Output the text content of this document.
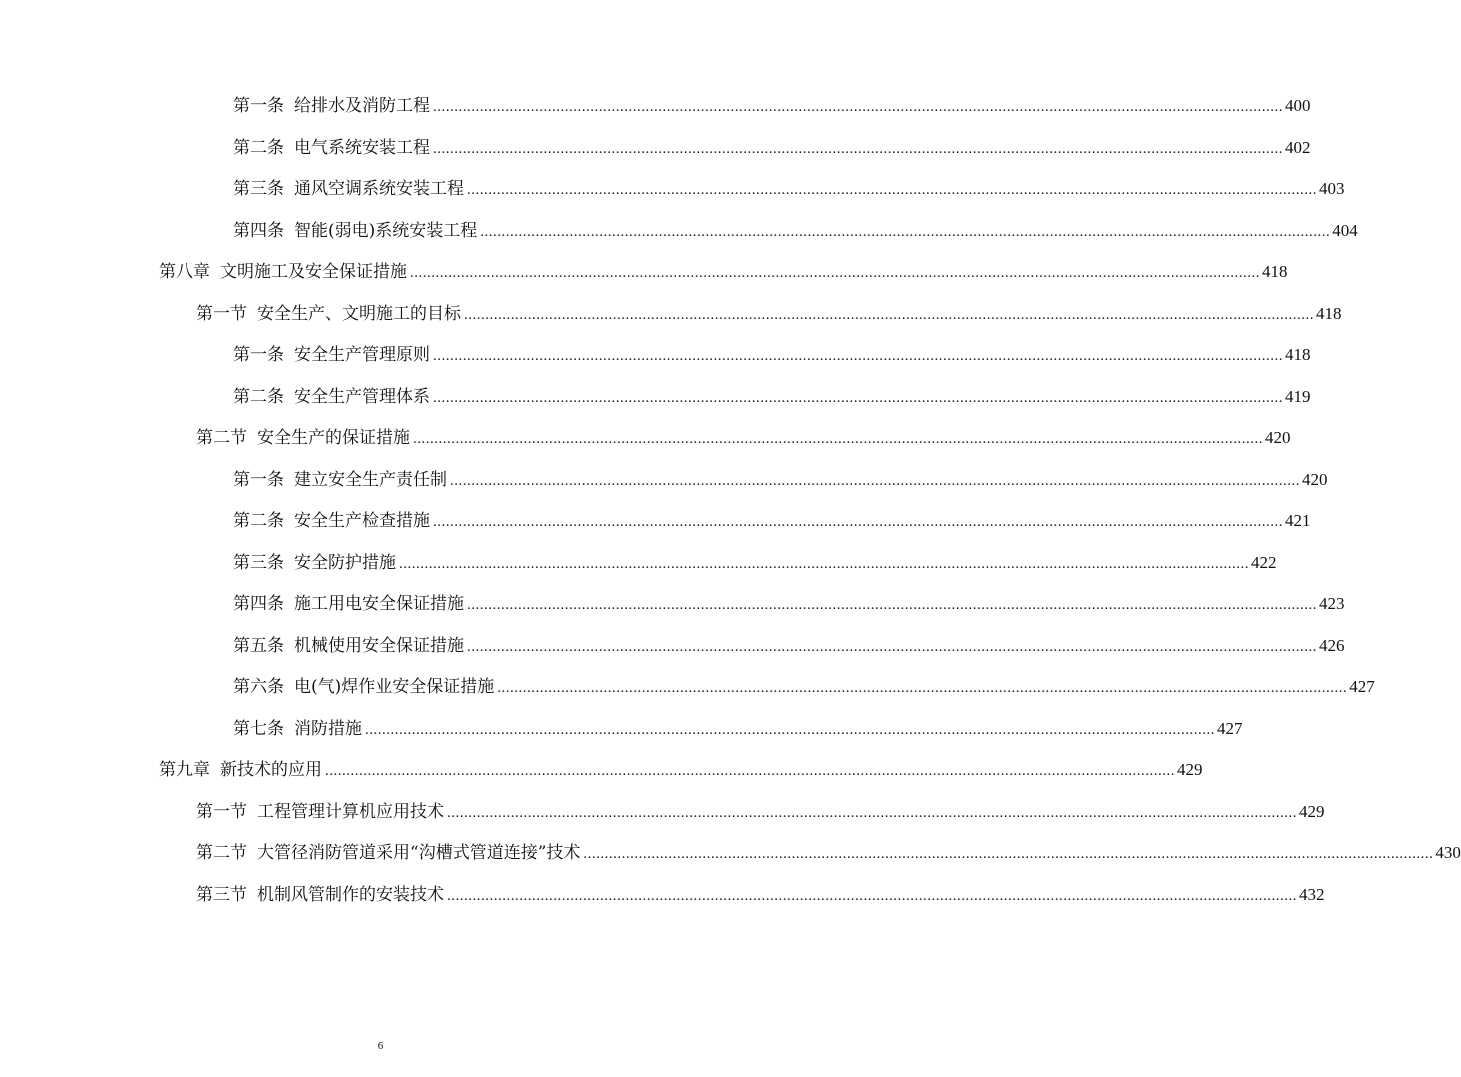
第一条 给排水及消防工程 ........................................................................................................................................................................................................ 400
第二条 电气系统安装工程 ........................................................................................................................................................................................................ 402
第三条 通风空调系统安装工程 ........................................................................................................................................................................................................ 403
第四条 智能(弱电)系统安装工程 ........................................................................................................................................................................................................ 404
第八章 文明施工及安全保证措施 ........................................................................................................................................................................................................ 418
第一节 安全生产、文明施工的目标 ........................................................................................................................................................................................................ 418
第一条 安全生产管理原则 ........................................................................................................................................................................................................ 418
第二条 安全生产管理体系 ........................................................................................................................................................................................................ 419
第二节 安全生产的保证措施 ........................................................................................................................................................................................................ 420
第一条 建立安全生产责任制 ........................................................................................................................................................................................................ 420
第二条 安全生产检查措施 ........................................................................................................................................................................................................ 421
第三条 安全防护措施 ........................................................................................................................................................................................................ 422
第四条 施工用电安全保证措施 ........................................................................................................................................................................................................ 423
第五条 机械使用安全保证措施 ........................................................................................................................................................................................................ 426
第六条 电(气)焊作业安全保证措施 ........................................................................................................................................................................................................ 427
第七条 消防措施 ........................................................................................................................................................................................................ 427
第九章 新技术的应用 ........................................................................................................................................................................................................ 429
第一节 工程管理计算机应用技术 ........................................................................................................................................................................................................ 429
第二节 大管径消防管道采用“沟槽式管道连接”技术 ........................................................................................................................................................................................................ 430
第三节 机制风管制作的安装技术 ........................................................................................................................................................................................................ 432
6
